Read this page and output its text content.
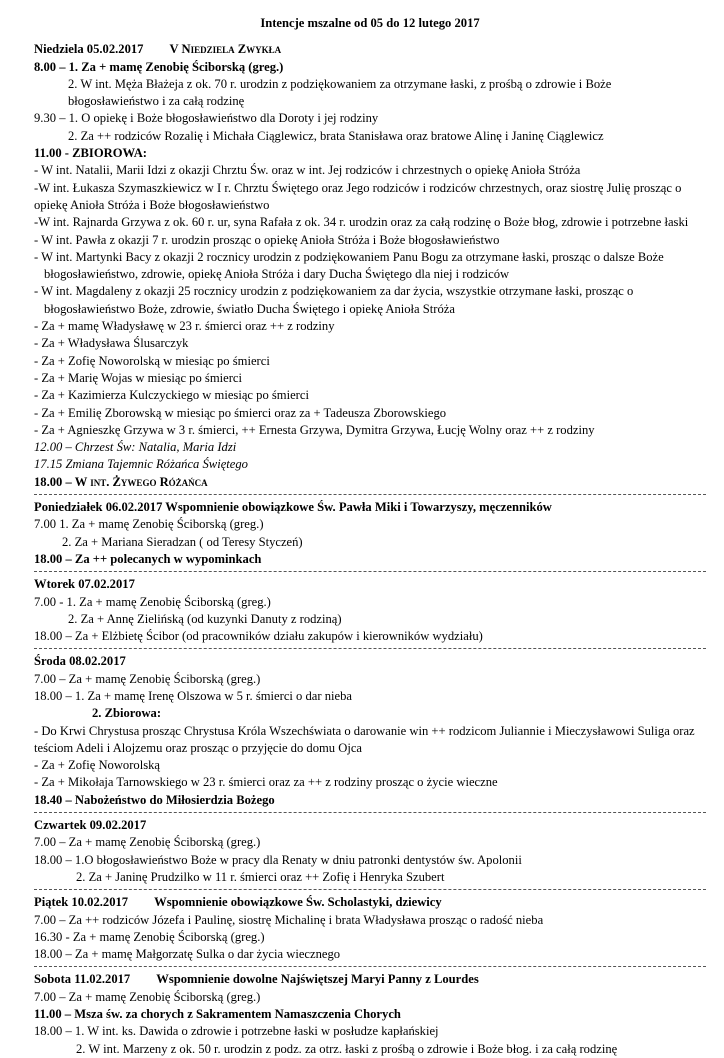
Intencje mszalne od 05 do 12 lutego 2017
Niedziela 05.02.2017 V Niedziela Zwykła
8.00 – 1. Za + mamę Zenobię Ściborską (greg.)
2. W int. Męża Błażeja z ok. 70 r. urodzin z podziękowaniem za otrzymane łaski, z prośbą o zdrowie i Boże
błogosławieństwo i za całą rodzinę
9.30 – 1. O opiekę i Boże błogosławieństwo dla Doroty i jej rodziny
2. Za ++ rodziców Rozalię i Michała Ciąglewicz, brata Stanisława oraz bratowe Alinę i Janinę Ciąglewicz
11.00 - ZBIOROWA:
- W int. Natalii, Marii Idzi z okazji Chrztu Św. oraz w int. Jej rodziców i chrzestnych o opiekę Anioła Stróża
-W int. Łukasza Szymaszkiewicz w I r. Chrztu Świętego oraz Jego rodziców i rodziców chrzestnych, oraz siostrę Julię prosząc o
opiekę Anioła Stróża i Boże błogosławieństwo
-W int. Rajnarda Grzywa z ok. 60 r. ur, syna Rafała z ok. 34 r. urodzin oraz za całą rodzinę o Boże błog, zdrowie i potrzebne łaski
- W int. Pawła z okazji 7 r. urodzin prosząc o opiekę Anioła Stróża i Boże błogosławieństwo
- W int. Martynki Bacy z okazji 2 rocznicy urodzin z podziękowaniem Panu Bogu za otrzymane łaski, prosząc o dalsze Boże
błogosławieństwo, zdrowie, opiekę Anioła Stróża i dary Ducha Świętego dla niej i rodziców
- W int. Magdaleny z okazji 25 rocznicy urodzin z podziękowaniem za dar życia, wszystkie otrzymane łaski, prosząc o
błogosławieństwo Boże, zdrowie, światło Ducha Świętego i opiekę Anioła Stróża
- Za + mamę Władysławę w 23 r. śmierci oraz ++ z rodziny
- Za + Władysława Ślusarczyk
- Za + Zofię Noworolską w miesiąc po śmierci
- Za + Marię Wojas w miesiąc po śmierci
- Za + Kazimierza Kulczyckiego w miesiąc po śmierci
- Za + Emilię Zborowską w miesiąc po śmierci oraz za + Tadeusza Zborowskiego
- Za + Agnieszkę Grzywa w 3 r. śmierci, ++ Ernesta Grzywa, Dymitra Grzywa, Łucję Wolny oraz ++ z rodziny
12.00 – Chrzest Św: Natalia, Maria Idzi
17.15 Zmiana Tajemnic Różańca Świętego
18.00 – W int. Żywego Różańca
Poniedziałek 06.02.2017 Wspomnienie obowiązkowe Św. Pawła Miki i Towarzyszy, męczenników
7.00 1. Za + mamę Zenobię Ściborską (greg.)
2. Za + Mariana Sieradzan ( od Teresy Styczeń)
18.00 – Za ++ polecanych w wypominkach
Wtorek 07.02.2017
7.00 - 1. Za + mamę Zenobię Ściborską (greg.)
2. Za + Annę Zielińską (od kuzynki Danuty z rodziną)
18.00 – Za + Elżbietę Ścibor (od pracowników działu zakupów i kierowników wydziału)
Środa 08.02.2017
7.00 – Za + mamę Zenobię Ściborską (greg.)
18.00 – 1. Za + mamę Irenę Olszowa w 5 r. śmierci o dar nieba
2. Zbiorowa:
- Do Krwi Chrystusa prosząc Chrystusa Króla Wszechświata o darowanie win ++ rodzicom Juliannie i Mieczysławowi Suliga oraz
teściom Adeli i Alojzemu oraz prosząc o przyjęcie do domu Ojca
- Za + Zofię Noworolską
- Za + Mikołaja Tarnowskiego w 23 r. śmierci oraz za ++ z rodziny prosząc o życie wieczne
18.40 – Nabożeństwo do Miłosierdzia Bożego
Czwartek 09.02.2017
7.00 – Za + mamę Zenobię Ściborską (greg.)
18.00 – 1.O błogosławieństwo Boże w pracy dla Renaty w dniu patronki dentystów św. Apolonii
2. Za + Janinę Prudzilko w 11 r. śmierci oraz ++ Zofię i Henryka Szubert
Piątek 10.02.2017 Wspomnienie obowiązkowe Św. Scholastyki, dziewicy
7.00 – Za ++ rodziców Józefa i Paulinę, siostrę Michalinę i brata Władysława prosząc o radość nieba
16.30 - Za + mamę Zenobię Ściborską (greg.)
18.00 – Za + mamę Małgorzatę Sulka o dar życia wiecznego
Sobota 11.02.2017 Wspomnienie dowolne Najświętszej Maryi Panny z Lourdes
7.00 – Za + mamę Zenobię Ściborską (greg.)
11.00 – Msza św. za chorych z Sakramentem Namaszczenia Chorych
18.00 – 1. W int. ks. Dawida o zdrowie i potrzebne łaski w posłudze kapłańskiej
2. W int. Marzeny z ok. 50 r. urodzin z podz. za otrz. łaski z prośbą o zdrowie i Boże błog. i za całą rodzinę
